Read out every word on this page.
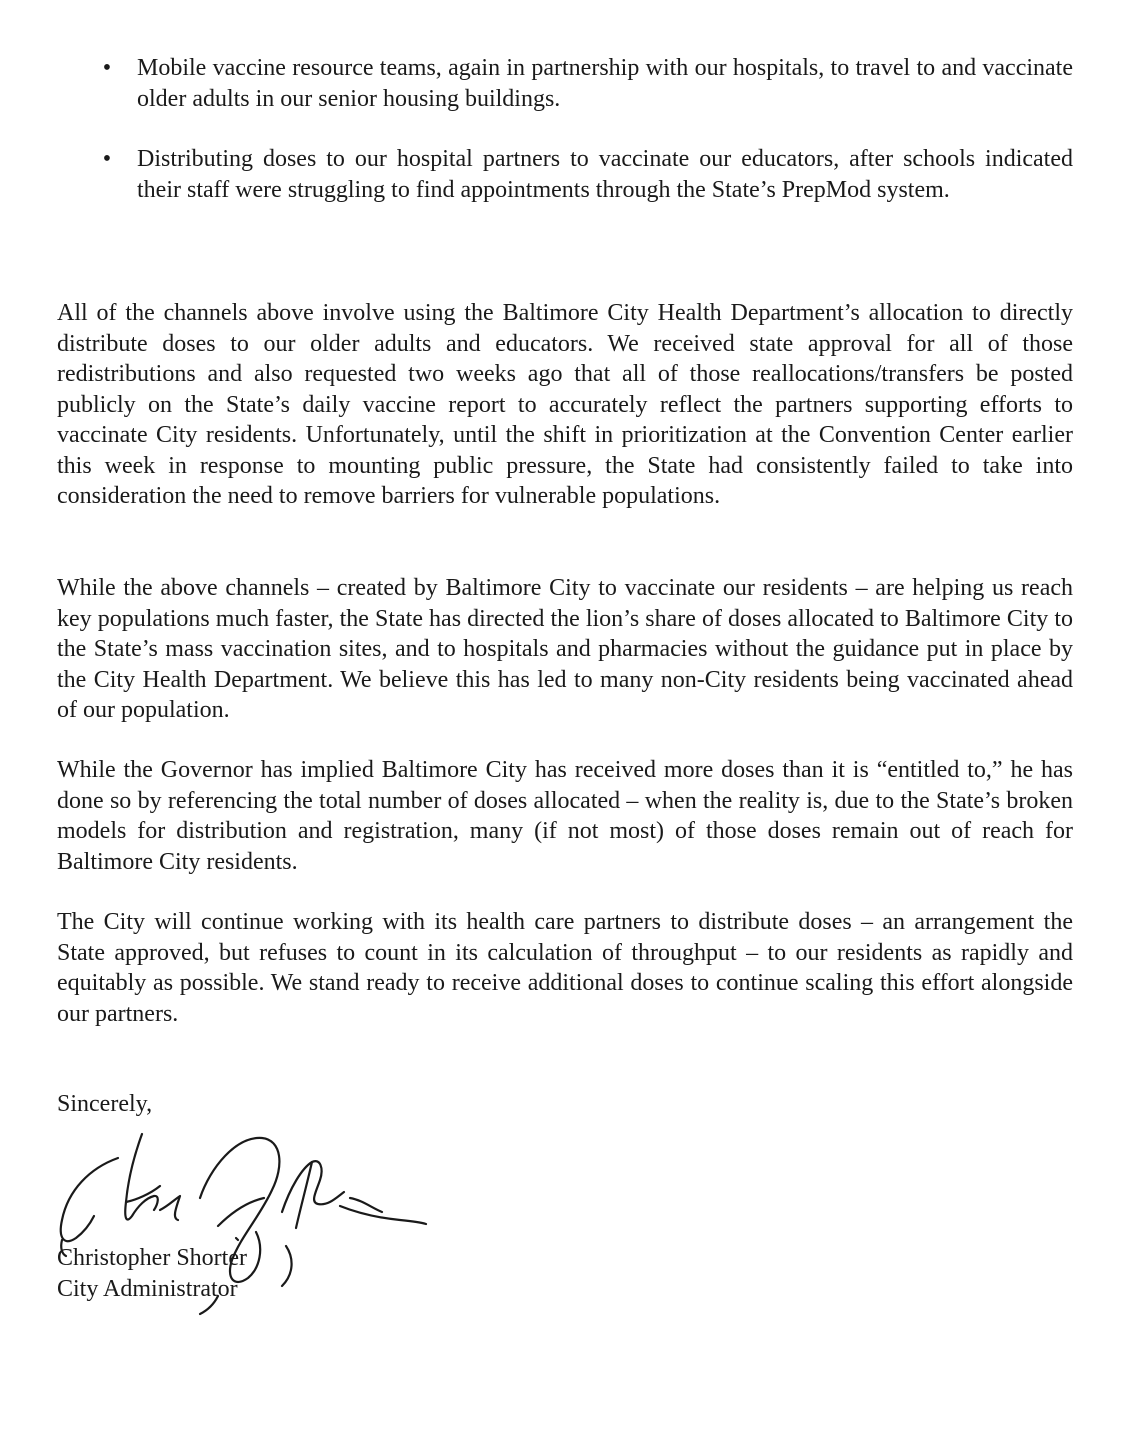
• Mobile vaccine resource teams, again in partnership with our hospitals, to travel to and vaccinate older adults in our senior housing buildings.
• Distributing doses to our hospital partners to vaccinate our educators, after schools indicated their staff were struggling to find appointments through the State’s PrepMod system.

All of the channels above involve using the Baltimore City Health Department’s allocation to directly distribute doses to our older adults and educators. We received state approval for all of those redistributions and also requested two weeks ago that all of those reallocations/transfers be posted publicly on the State’s daily vaccine report to accurately reflect the partners supporting efforts to vaccinate City residents. Unfortunately, until the shift in prioritization at the Convention Center earlier this week in response to mounting public pressure, the State had consistently failed to take into consideration the need to remove barriers for vulnerable populations.

While the above channels – created by Baltimore City to vaccinate our residents – are helping us reach key populations much faster, the State has directed the lion’s share of doses allocated to Baltimore City to the State’s mass vaccination sites, and to hospitals and pharmacies without the guidance put in place by the City Health Department. We believe this has led to many non-City residents being vaccinated ahead of our population.

While the Governor has implied Baltimore City has received more doses than it is “entitled to,” he has done so by referencing the total number of doses allocated – when the reality is, due to the State’s broken models for distribution and registration, many (if not most) of those doses remain out of reach for Baltimore City residents.

The City will continue working with its health care partners to distribute doses – an arrangement the State approved, but refuses to count in its calculation of throughput – to our residents as rapidly and equitably as possible. We stand ready to receive additional doses to continue scaling this effort alongside our partners.

Sincerely,
Christopher Shorter
City Administrator
